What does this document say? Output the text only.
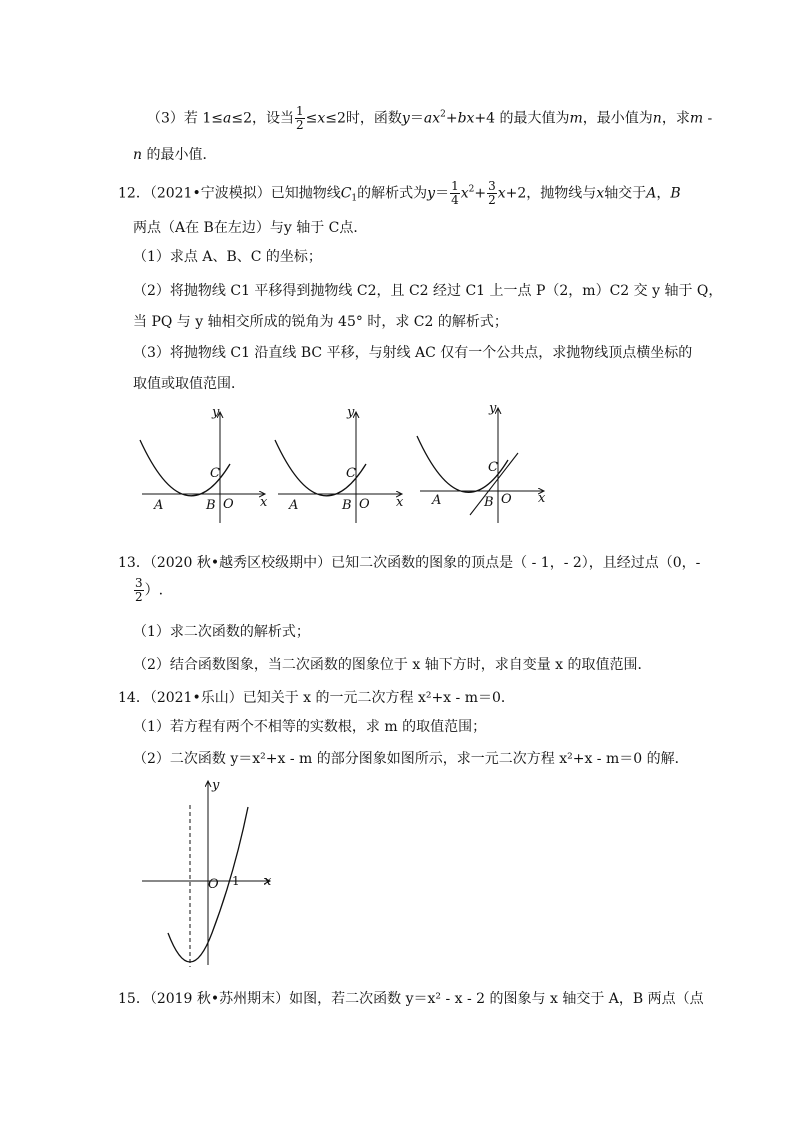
（3）若 1≤a≤2，设当 $\frac{1}{2} \le x\le 2$时，函数$y=ax^2+bx+4$ 的最大值为m，最小值为n，求m -
n 的最小值．
12．（2021•宁波模拟）已知抛物线$C_1$的解析式为$y= \frac{1}{4} x^2+ \frac{3}{2} x+2$，抛物线与x轴交于A，B
两点（A在 B在左边）与y 轴于 C点．
（1）求点 A、B、C 的坐标；
（2）将抛物线 C1 平移得到抛物线 C2，且 C2 经过 C1 上一点 P（2，m）C2 交 y 轴于 Q，
当 PQ 与 y 轴相交所成的锐角为 45° 时，求 C2 的解析式；
（3）将抛物线 C1 沿直线 BC 平移，与射线 AC 仅有一个公共点，求抛物线顶点横坐标的
取值或取值范围．
y
x
C
O
A	B
y
x
C
O
A	B
y
x
C
O
A	B
13．（2020 秋•越秀区校级期中）已知二次函数的图象的顶点是（ - 1，- 2），且经过点（0，-
$\frac{3}{2}$ ）.
（1）求二次函数的解析式；
（2）结合函数图象，当二次函数的图象位于 x 轴下方时，求自变量 x 的取值范围．
14．（2021•乐山）已知关于 x 的一元二次方程 x²+x - m＝0．
（1）若方程有两个不相等的实数根，求 m 的取值范围；
（2）二次函数 y＝x²+x - m 的部分图象如图所示，求一元二次方程 x²+x - m＝0 的解．
y
x
O 1
15．（2019 秋•苏州期末）如图，若二次函数 y＝x² - x - 2 的图象与 x 轴交于 A，B 两点（点
